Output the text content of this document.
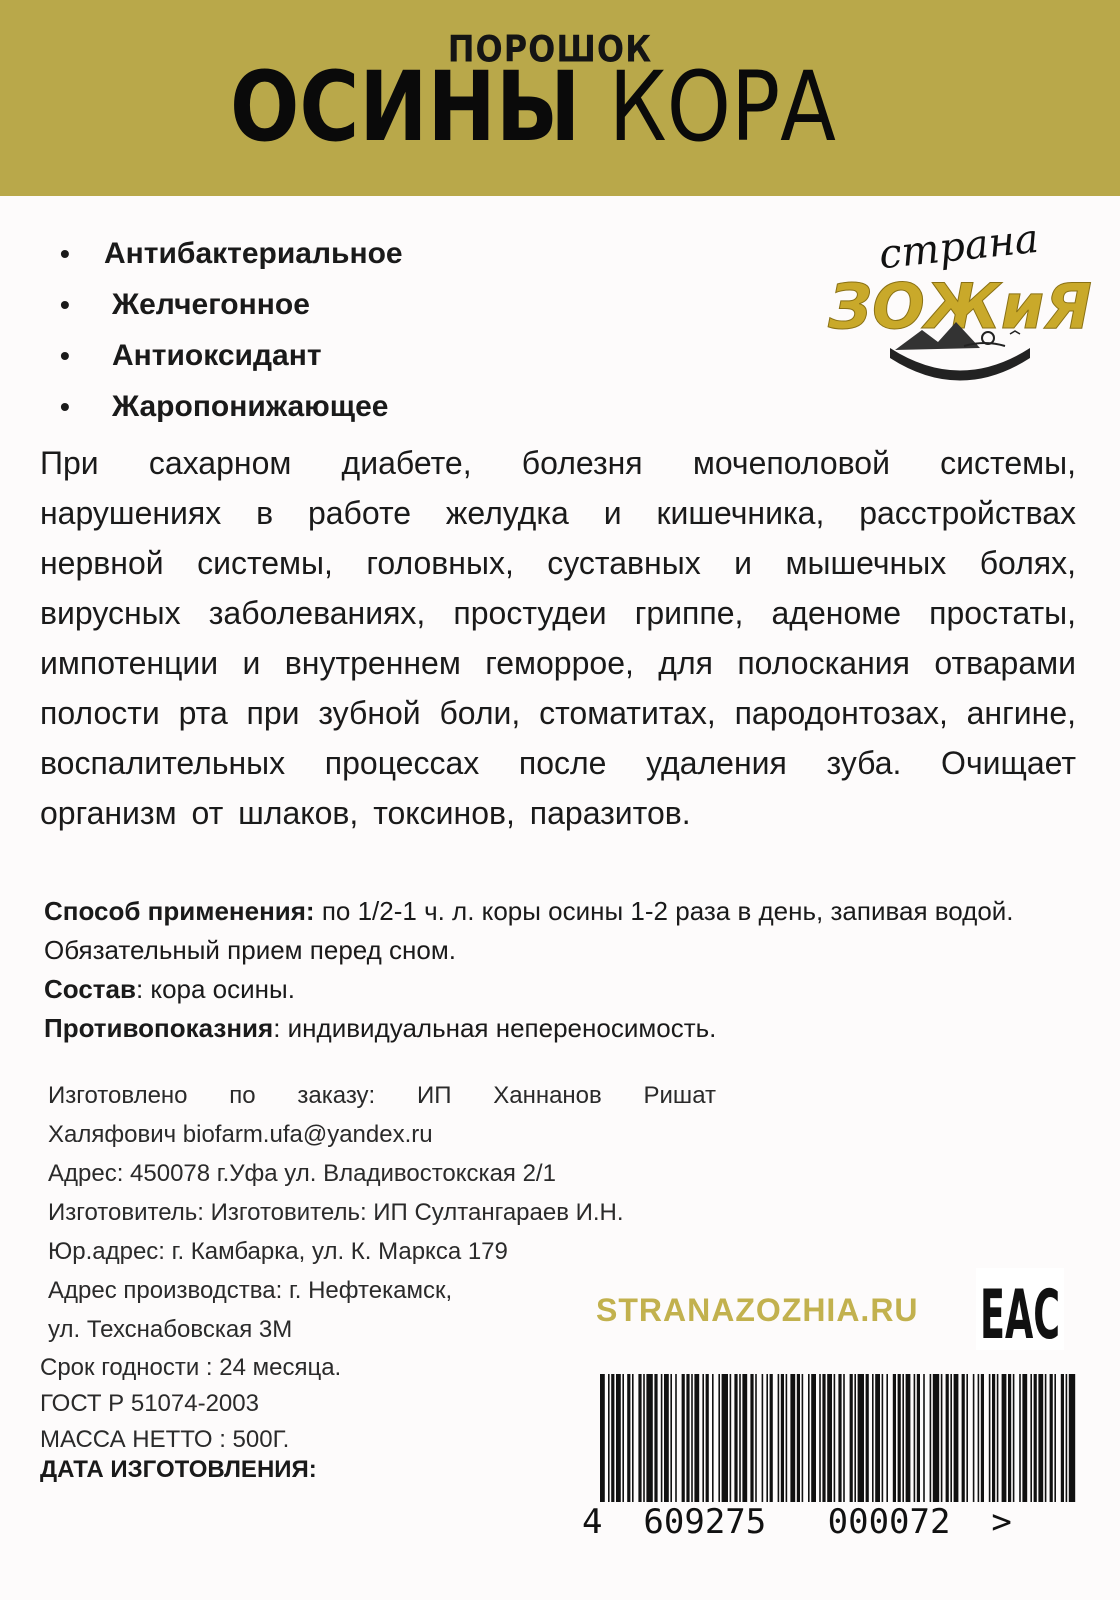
ПОРОШОК
ОСИНЫ КОРА
• Антибактериальное
• Желчегонное
• Антиоксидант
• Жаропонижающее
страна
ЗОЖиЯ
При сахарном диабете, болезня мочеполовой системы, нарушениях в работе желудка и кишечника, расстройствах нервной системы, головных, суставных и мышечных болях, вирусных заболеваниях, простудеи гриппе, аденоме простаты, импотенции и внутреннем геморрое, для полоскания отварами полости рта при зубной боли, стоматитах, пародонтозах, ангине, воспалительных процессах после удаления зуба. Очищает организм от шлаков, токсинов, паразитов.
Способ применения: по 1/2-1 ч. л. коры осины 1-2 раза в день, запивая водой. Обязательный прием перед сном.
Состав: кора осины.
Противопоказния: индивидуальная непереносимость.
Изготовлено по заказу: ИП Ханнанов Ришат
Халяфович biofarm.ufa@yandex.ru
Адрес: 450078 г.Уфа ул. Владивостокская 2/1
Изготовитель: Изготовитель: ИП Султангараев И.Н.
Юр.адрес: г. Камбарка, ул. К. Маркса 179
Адрес производства: г. Нефтекамск,
ул. Техснабовская 3М
Срок годности : 24 месяца.
ГОСТ Р 51074-2003
МАССА НЕТТО : 500Г.
ДАТА ИЗГОТОВЛЕНИЯ:
STRANAZOZHIA.RU EAC
4  609275   000072  >
